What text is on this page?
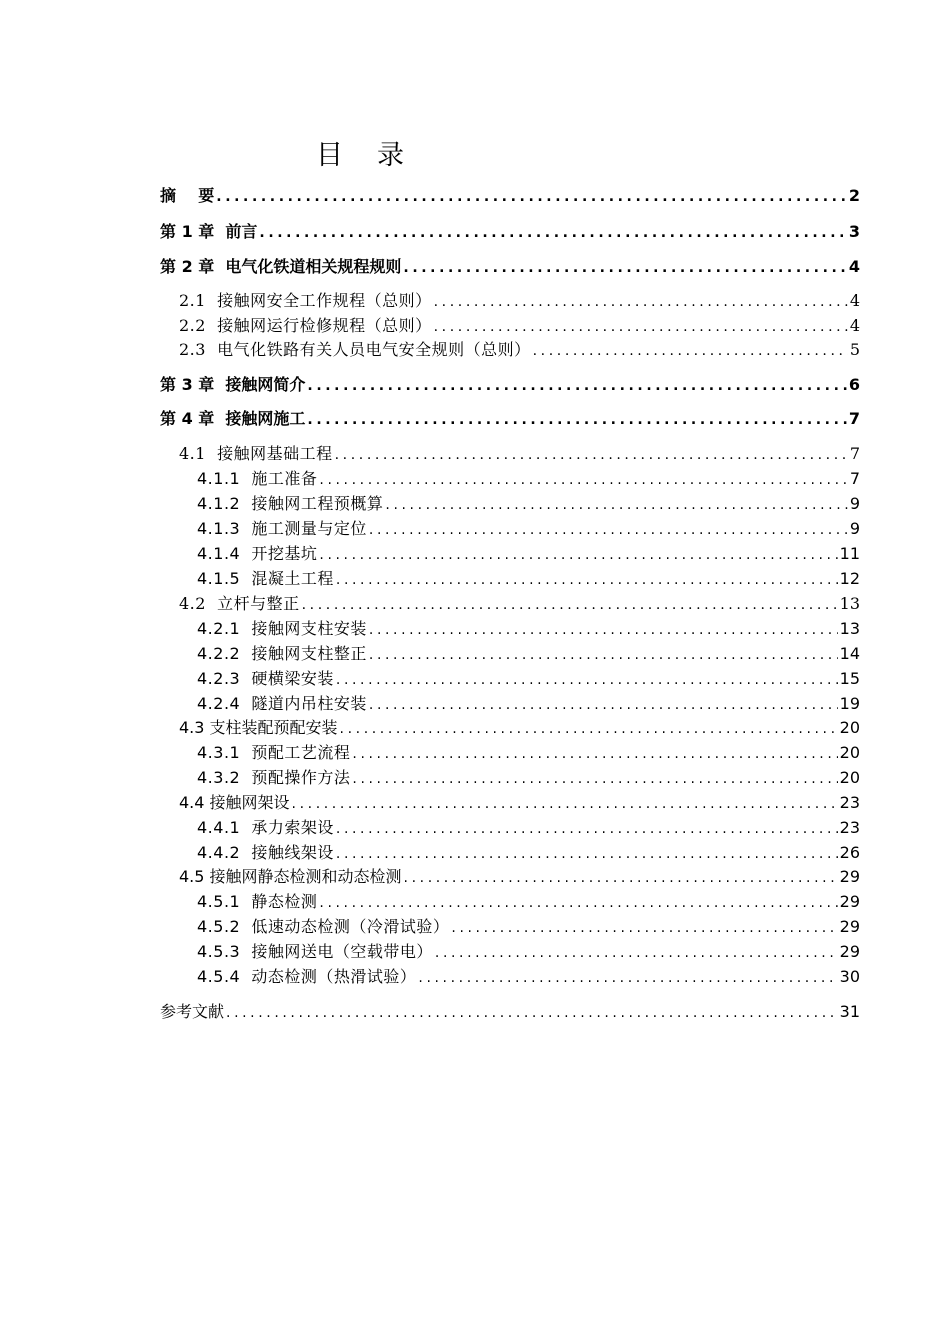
目 录
摘    要 .....	2
第 1 章  前言 .....	3
第 2 章  电气化铁道相关规程规则 .....	4
2.1  接触网安全工作规程（总则） .....	4
2.2  接触网运行检修规程（总则） .....	4
2.3  电气化铁路有关人员电气安全规则（总则） .....	5
第 3 章  接触网简介 .....	6
第 4 章  接触网施工 .....	7
4.1  接触网基础工程 .....	7
4.1.1  施工准备 .....	7
4.1.2  接触网工程预概算 .....	9
4.1.3  施工测量与定位 .....	9
4.1.4  开挖基坑 .....	11
4.1.5  混凝土工程 .....	12
4.2  立杆与整正 .....	13
4.2.1  接触网支柱安装 .....	13
4.2.2  接触网支柱整正 .....	14
4.2.3  硬横梁安装 .....	15
4.2.4  隧道内吊柱安装 .....	19
4.3 支柱装配预配安装 .....	20
4.3.1  预配工艺流程 .....	20
4.3.2  预配操作方法 .....	20
4.4 接触网架设 .....	23
4.4.1  承力索架设 .....	23
4.4.2  接触线架设 .....	26
4.5 接触网静态检测和动态检测 .....	29
4.5.1  静态检测 .....	29
4.5.2  低速动态检测（冷滑试验） .....	29
4.5.3  接触网送电（空载带电） .....	29
4.5.4  动态检测（热滑试验） .....	30
参考文献 .....	31
